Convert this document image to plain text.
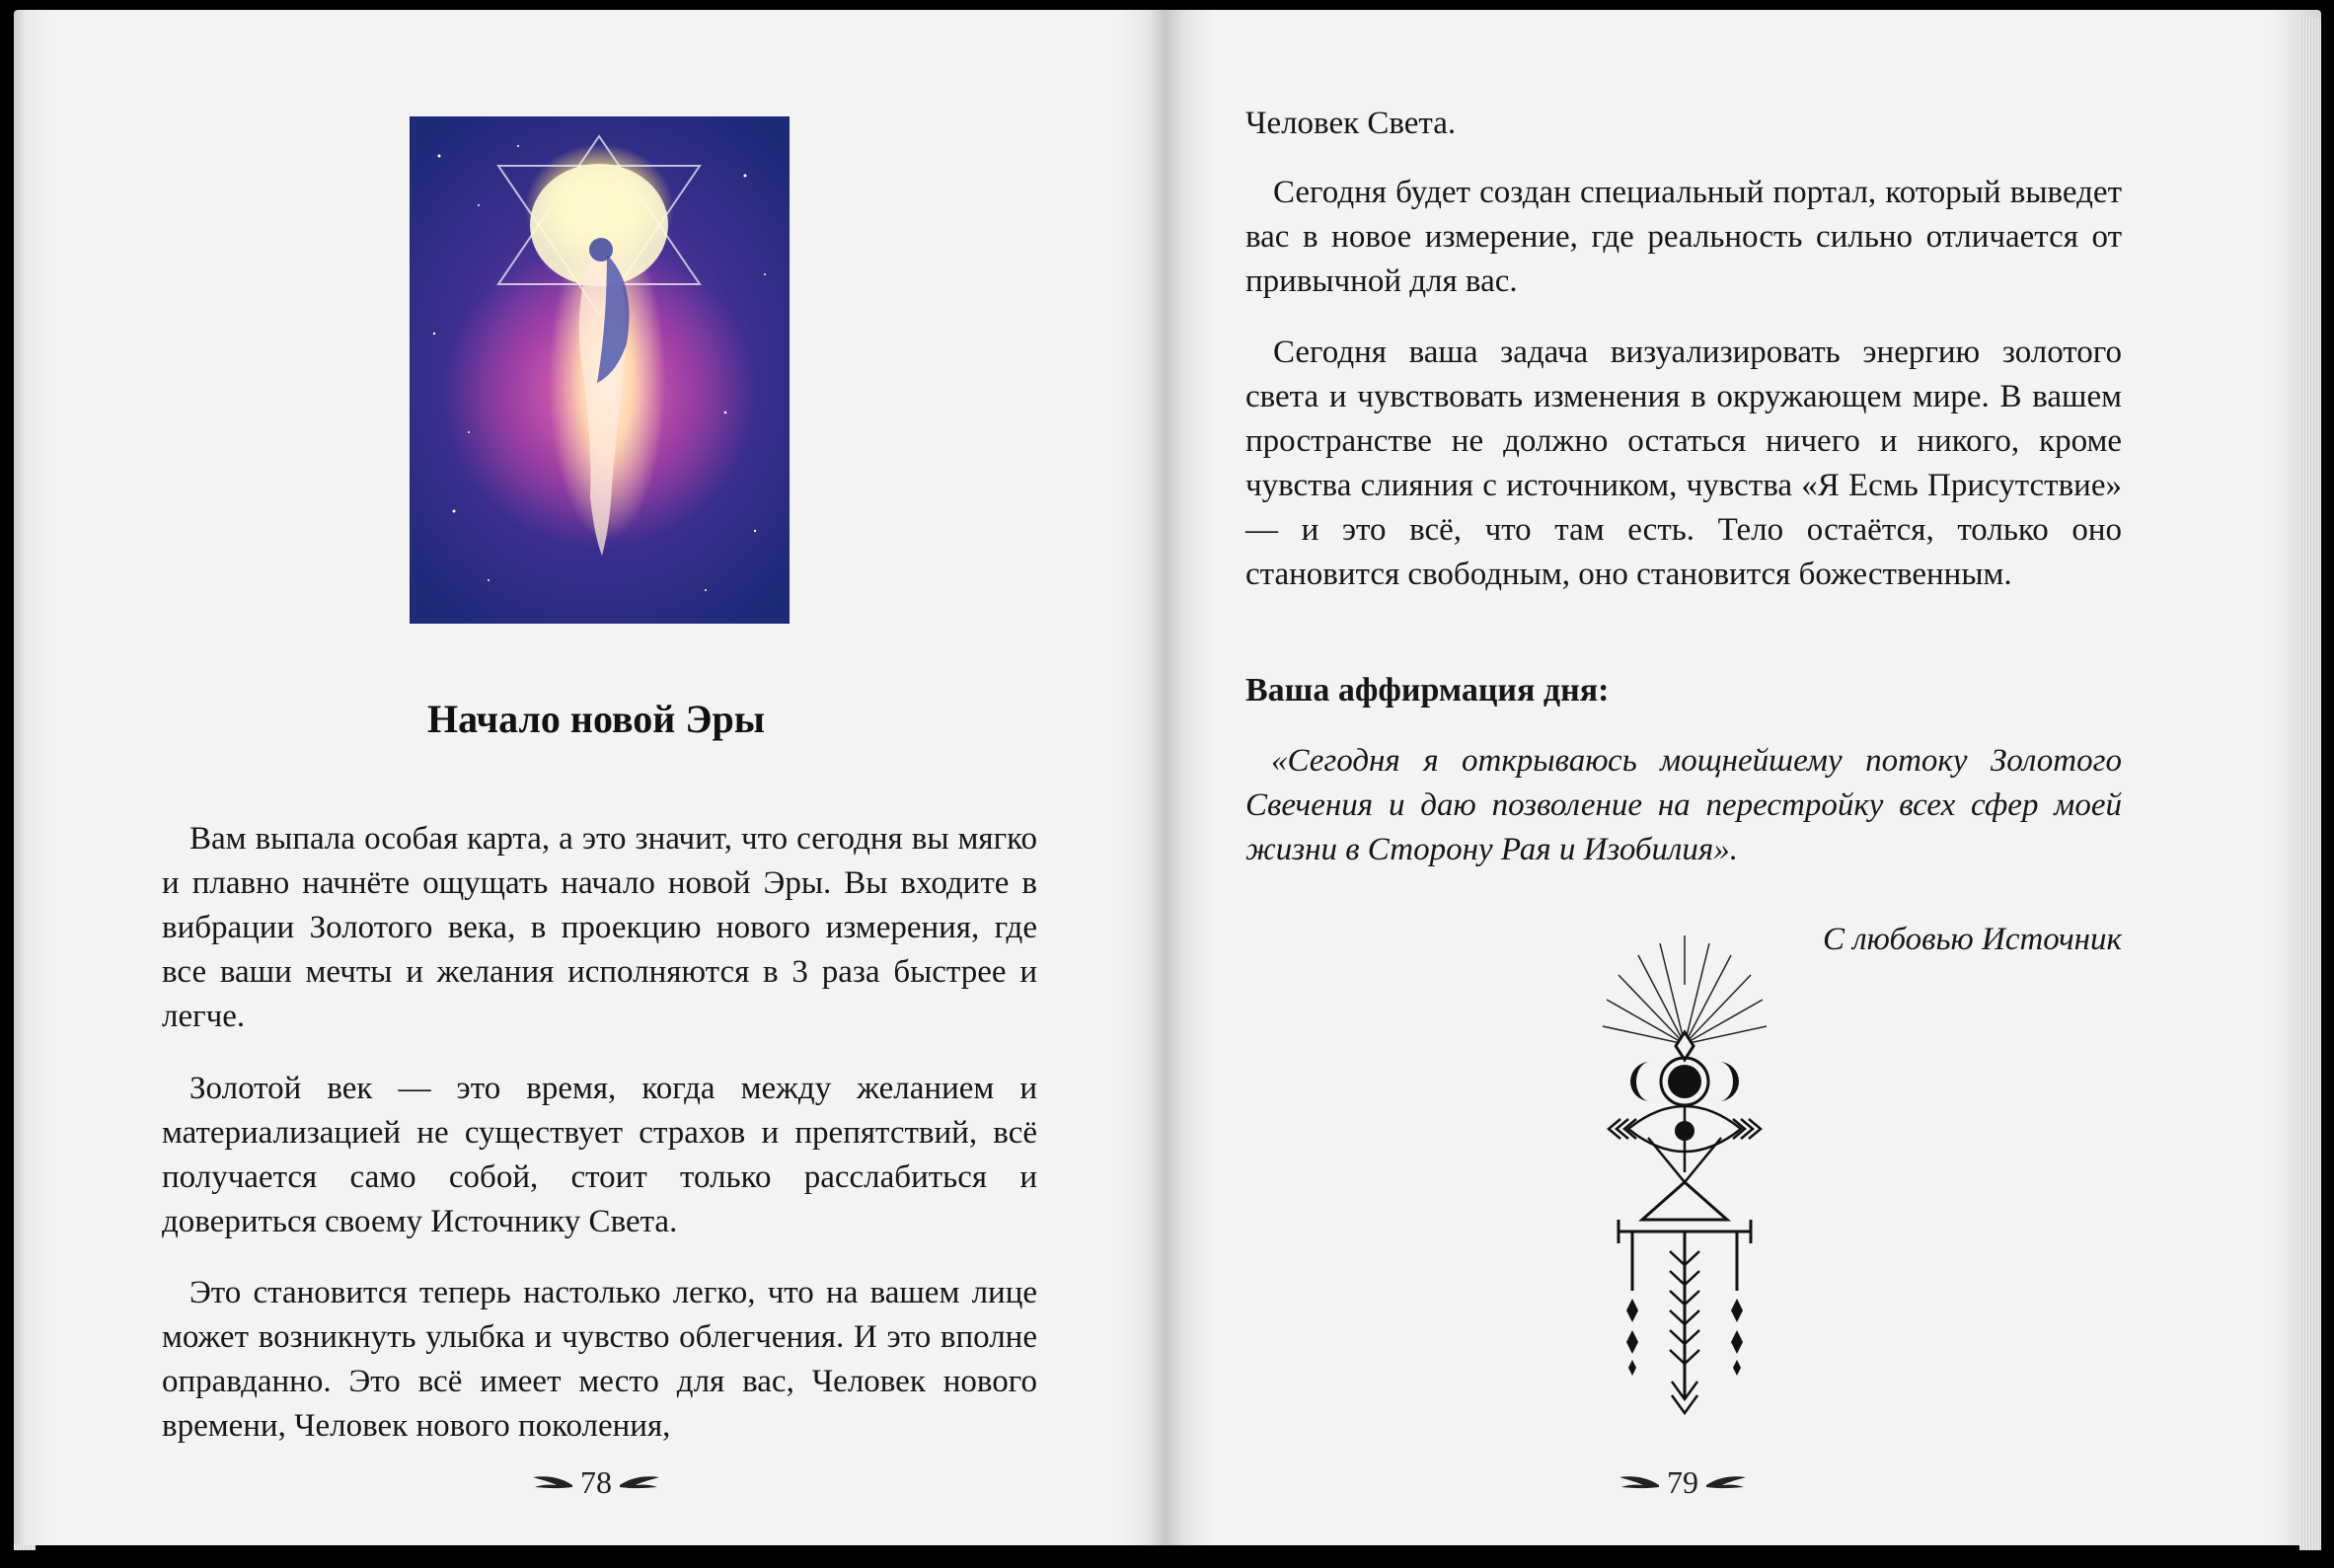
Начало новой Эры

Вам выпала особая карта, а это значит, что сегодня вы мягко и плавно начнёте ощущать начало новой Эры. Вы входите в вибрации Золотого века, в проекцию нового измерения, где все ваши мечты и желания исполняются в 3 раза быстрее и легче.

Золотой век — это время, когда между желанием и материализацией не существует страхов и препятствий, всё получается само собой, стоит только расслабиться и довериться своему Источнику Света.

Это становится теперь настолько легко, что на вашем лице может возникнуть улыбка и чувство облегчения. И это вполне оправданно. Это всё имеет место для вас, Человек нового времени, Человек нового поколения,

78

Человек Света.

Сегодня будет создан специальный портал, который выведет вас в новое измерение, где реальность сильно отличается от привычной для вас.

Сегодня ваша задача визуализировать энергию золотого света и чувствовать изменения в окружающем мире. В вашем пространстве не должно остаться ничего и никого, кроме чувства слияния с источником, чувства «Я Есмь Присутствие» — и это всё, что там есть. Тело остаётся, только оно становится свободным, оно становится божественным.

Ваша аффирмация дня:

«Сегодня я открываюсь мощнейшему потоку Золотого Свечения и даю позволение на перестройку всех сфер моей жизни в Сторону Рая и Изобилия».

С любовью Источник

79
